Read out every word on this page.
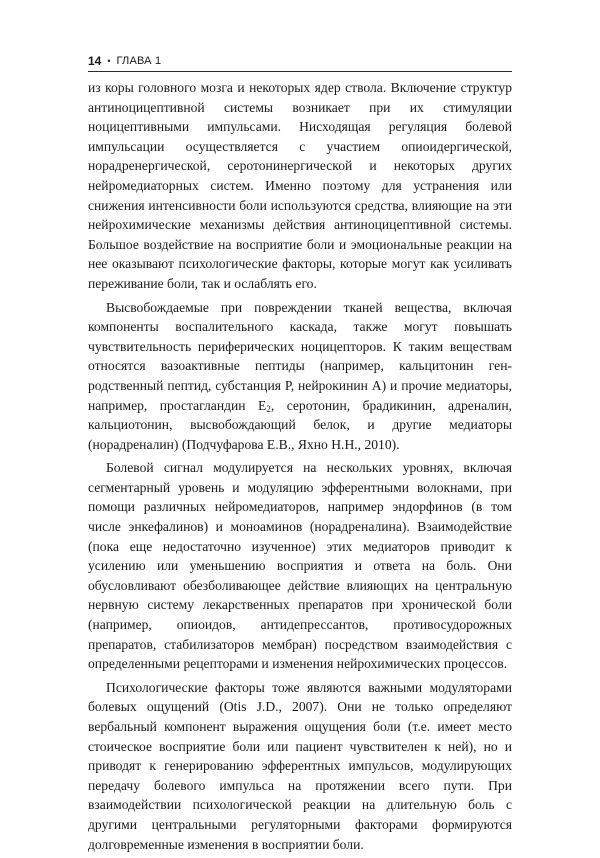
14 • ГЛАВА 1

из коры головного мозга и некоторых ядер ствола. Включение структур антиноцицептивной системы возникает при их стимуляции ноцицептивными импульсами. Нисходящая регуляция болевой импульсации осуществляется с участием опиоидергической, норадренергической, серотонинергической и некоторых других нейромедиаторных систем. Именно поэтому для устранения или снижения интенсивности боли используются средства, влияющие на эти нейрохимические механизмы действия антиноцицептивной системы. Большое воздействие на восприятие боли и эмоциональные реакции на нее оказывают психологические факторы, которые могут как усиливать переживание боли, так и ослаблять его.

Высвобождаемые при повреждении тканей вещества, включая компоненты воспалительного каскада, также могут повышать чувствительность периферических ноцицепторов. К таким веществам относятся вазоактивные пептиды (например, кальцитонин ген-родственный пептид, субстанция Р, нейрокинин А) и прочие медиаторы, например, простагландин $Е_2$, серотонин, брадикинин, адреналин, кальциотонин, высвобождающий белок, и другие медиаторы (норадреналин) (Подчуфарова Е.В., Яхно Н.Н., 2010).

Болевой сигнал модулируется на нескольких уровнях, включая сегментарный уровень и модуляцию эфферентными волокнами, при помощи различных нейромедиаторов, например эндорфинов (в том числе энкефалинов) и моноаминов (норадреналина). Взаимодействие (пока еще недостаточно изученное) этих медиаторов приводит к усилению или уменьшению восприятия и ответа на боль. Они обусловливают обезболивающее действие влияющих на центральную нервную систему лекарственных препаратов при хронической боли (например, опиоидов, антидепрессантов, противосудорожных препаратов, стабилизаторов мембран) посредством взаимодействия с определенными рецепторами и изменения нейрохимических процессов.

Психологические факторы тоже являются важными модуляторами болевых ощущений (Otis J.D., 2007). Они не только определяют вербальный компонент выражения ощущения боли (т.е. имеет место стоическое восприятие боли или пациент чувствителен к ней), но и приводят к генерированию эфферентных импульсов, модулирующих передачу болевого импульса на протяжении всего пути. При взаимодействии психологической реакции на длительную боль с другими центральными регуляторными факторами формируются долговременные изменения в восприятии боли.
